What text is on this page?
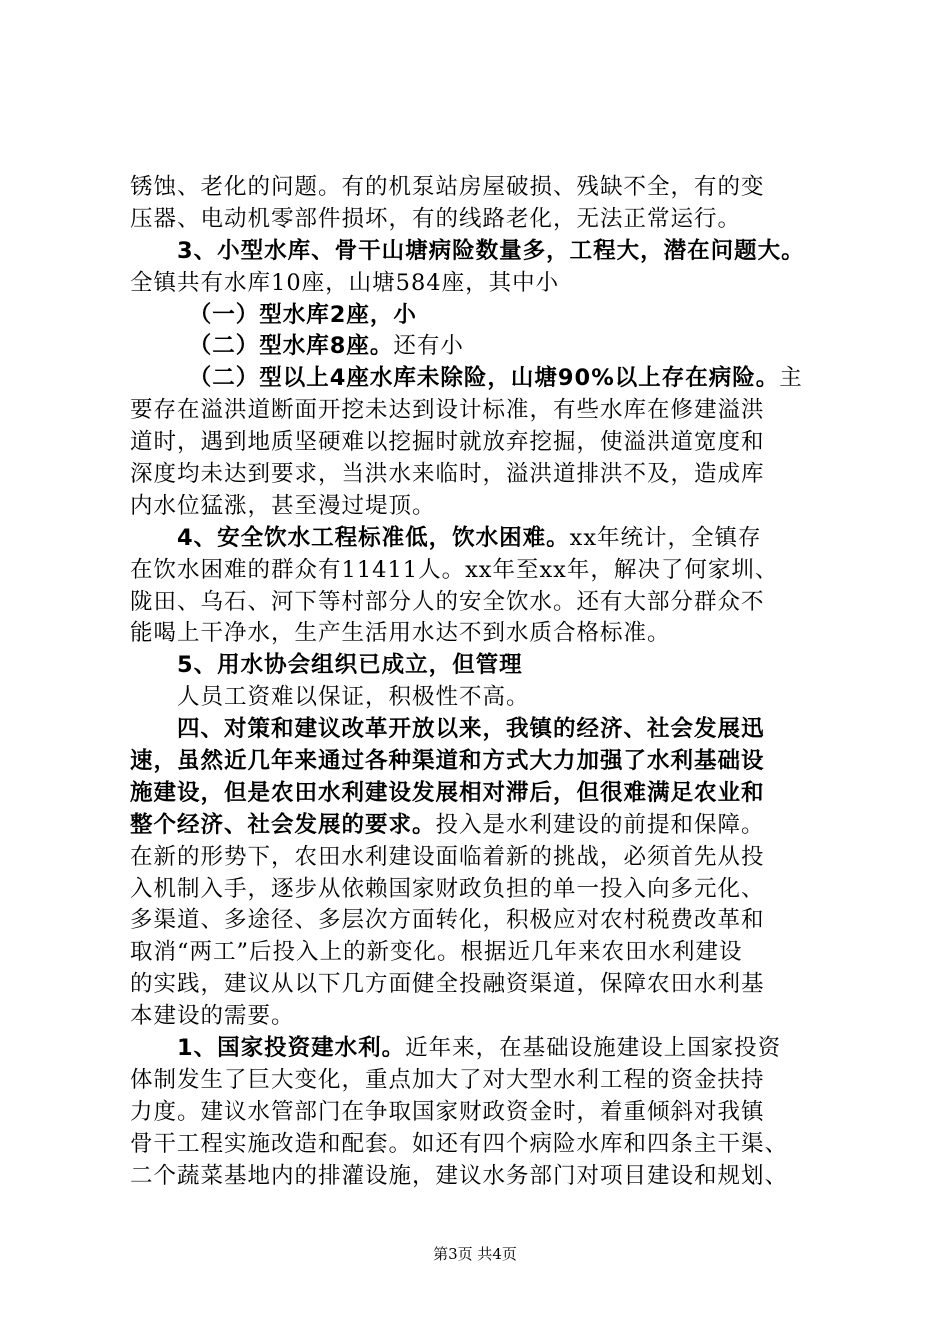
锈蚀、老化的问题。有的机泵站房屋破损、残缺不全，有的变
压器、电动机零部件损坏，有的线路老化，无法正常运行。
3、小型水库、骨干山塘病险数量多，工程大，潜在问题大。
全镇共有水库10座，山塘584座，其中小
（一）型水库2座，小
（二）型水库8座。还有小
（二）型以上4座水库未除险，山塘90%以上存在病险。主
要存在溢洪道断面开挖未达到设计标准，有些水库在修建溢洪
道时，遇到地质坚硬难以挖掘时就放弃挖掘，使溢洪道宽度和
深度均未达到要求，当洪水来临时，溢洪道排洪不及，造成库
内水位猛涨，甚至漫过堤顶。
4、安全饮水工程标准低，饮水困难。xx年统计，全镇存
在饮水困难的群众有11411人。xx年至xx年，解决了何家圳、
陇田、乌石、河下等村部分人的安全饮水。还有大部分群众不
能喝上干净水，生产生活用水达不到水质合格标准。
5、用水协会组织已成立，但管理
人员工资难以保证，积极性不高。
四、对策和建议改革开放以来，我镇的经济、社会发展迅
速，虽然近几年来通过各种渠道和方式大力加强了水利基础设
施建设，但是农田水利建设发展相对滞后，但很难满足农业和
整个经济、社会发展的要求。投入是水利建设的前提和保障。
在新的形势下，农田水利建设面临着新的挑战，必须首先从投
入机制入手，逐步从依赖国家财政负担的单一投入向多元化、
多渠道、多途径、多层次方面转化，积极应对农村税费改革和
取消“两工”后投入上的新变化。根据近几年来农田水利建设
的实践，建议从以下几方面健全投融资渠道，保障农田水利基
本建设的需要。
1、国家投资建水利。近年来，在基础设施建设上国家投资
体制发生了巨大变化，重点加大了对大型水利工程的资金扶持
力度。建议水管部门在争取国家财政资金时，着重倾斜对我镇
骨干工程实施改造和配套。如还有四个病险水库和四条主干渠、
二个蔬菜基地内的排灌设施，建议水务部门对项目建设和规划、
第3页 共4页
